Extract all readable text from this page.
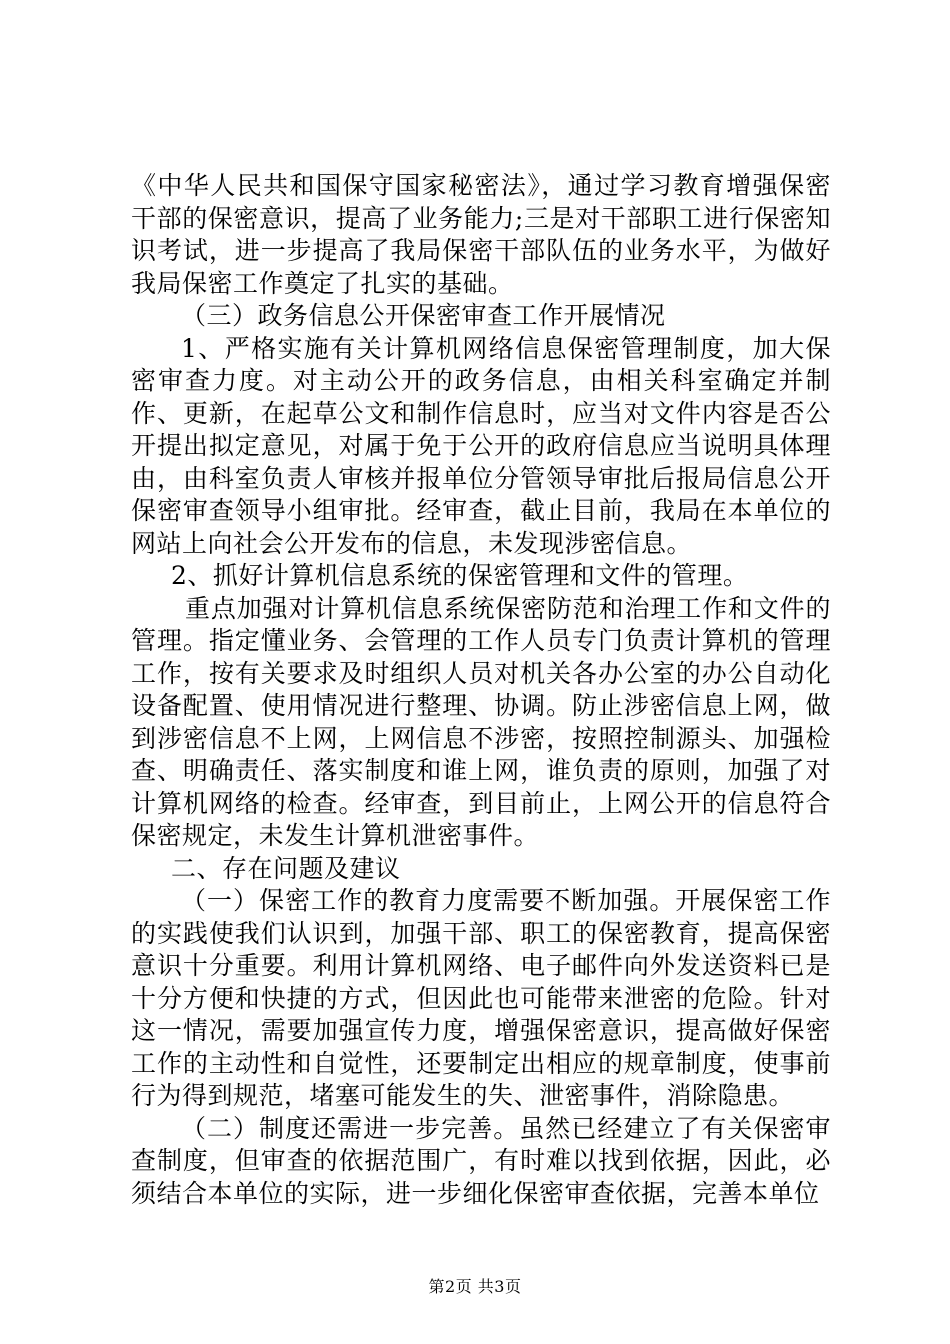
《中华人民共和国保守国家秘密法》，通过学习教育增强保密干部的保密意识，提高了业务能力;三是对干部职工进行保密知识考试，进一步提高了我局保密干部队伍的业务水平，为做好我局保密工作奠定了扎实的基础。

（三）政务信息公开保密审查工作开展情况

1、严格实施有关计算机网络信息保密管理制度，加大保密审查力度。对主动公开的政务信息，由相关科室确定并制作、更新，在起草公文和制作信息时，应当对文件内容是否公开提出拟定意见，对属于免于公开的政府信息应当说明具体理由，由科室负责人审核并报单位分管领导审批后报局信息公开保密审查领导小组审批。经审查，截止目前，我局在本单位的网站上向社会公开发布的信息，未发现涉密信息。

2、抓好计算机信息系统的保密管理和文件的管理。

重点加强对计算机信息系统保密防范和治理工作和文件的管理。指定懂业务、会管理的工作人员专门负责计算机的管理工作，按有关要求及时组织人员对机关各办公室的办公自动化设备配置、使用情况进行整理、协调。防止涉密信息上网，做到涉密信息不上网，上网信息不涉密，按照控制源头、加强检查、明确责任、落实制度和谁上网，谁负责的原则，加强了对计算机网络的检查。经审查，到目前止，上网公开的信息符合保密规定，未发生计算机泄密事件。

二、存在问题及建议

（一）保密工作的教育力度需要不断加强。开展保密工作的实践使我们认识到，加强干部、职工的保密教育，提高保密意识十分重要。利用计算机网络、电子邮件向外发送资料已是十分方便和快捷的方式，但因此也可能带来泄密的危险。针对这一情况，需要加强宣传力度，增强保密意识，提高做好保密工作的主动性和自觉性，还要制定出相应的规章制度，使事前行为得到规范，堵塞可能发生的失、泄密事件，消除隐患。

（二）制度还需进一步完善。虽然已经建立了有关保密审查制度，但审查的依据范围广，有时难以找到依据，因此，必须结合本单位的实际，进一步细化保密审查依据，完善本单位

第2页 共3页
